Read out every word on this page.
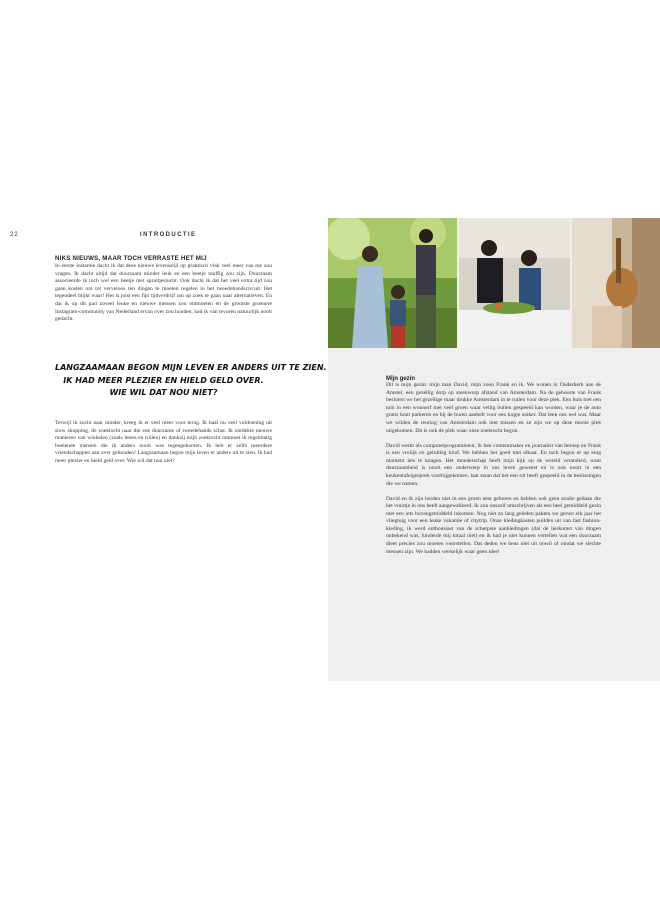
22	INTRODUCTIE

NIKS NIEUWS, MAAR TOCH VERRASTE HET MIJ

In eerste instantie dacht ik dat deze nieuwe levensstijl op praktisch vlak veel meer van me zou vragen. Ik dacht altijd dat duurzaam minder leuk en een beetje muffig zou zijn. Duurzaam associeerde ik toch wel een beetje met spruitjeslucht. Ook dacht ik dat het veel extra tijd zou gaan kosten om tot verveloos ten dingen te moeten regelen in het tweedehandscircuit. Het tegendeel blijkt waar! Het is juist een fijn tijdverdrijf om op zoek te gaan naar alternatieven. En dat ik op dit pad zoveel leuke en nieuwe mensen zou ontmoeten en de grootste groenere Instagram-community van Nederland ervan over zou houden, had ik van tevoren natuurlijk nooit gedacht.

LANGZAAMAAN BEGON MIJN LEVEN ER ANDERS UIT TE ZIEN.
IK HAD MEER PLEZIER EN HIELD GELD OVER.
WIE WIL DAT NOU NIET?

Terwijl ik zocht naar minder, kreeg ik er veel meer voor terug. Ik haal nu veel voldoening uit slow shopping, de zoektocht naar die ene duurzame of tweedehands schat. Ik ontdekte nieuwe manieren van winkelen (zoals lenen en ruilen) en dankzij mijn zoektocht ontmoet ik regelmatig boeiende mensen die ik anders nooit was tegengekomen. Ik heb er zelfs meerdere vriendschappen aan over gehouden! Langzaamaan begon mijn leven er anders uit te zien. Ik had meer plezier en hield geld over. Wie wil dat nou niet?

Mijn gezin

Dit is mijn gezin: mijn man David, mijn zoon Frank en ik. We wonen in Ouderkerk aan de Amstel, een gezellig dorp op steenworp afstand van Amsterdam. Na de geboorte van Frank besloten we het gezellige maar drukke Amsterdam in te ruilen voor deze plek. Een huis met een tuin in een woonerf met veel groen waar veilig buiten gespeeld kan worden, waar je de auto gratis kunt parkeren en bij de buren aanbelt voor een kopje suiker. Dat leek ons wel wat. Maar we wilden de reuring van Amsterdam ook niet missen en ze zijn we op deze mooie plek uitgekomen. Dit is ook de plek waar onze zoektocht begon.

David werkt als computerprogrammeur, ik ben contentmaker en journalist van beroep en Frank is een vrolijk en gelukkig kind. We hebben het goed met elkaar. En toch begon er op enig moment iets te knagen. Het moederschap heeft mijn kijk op de wereld veranderd, want duurzaamheid is nooit een onderwerp in ons leven geweest en is ook nooit in een keukentafelgesprek voorbijgekomen, laat staan dat het een rol heeft gespeeld in de beslissingen die we namen.

David en ik zijn beiden niet in een groen nest geboren en hebben ook geen studie gedaan die het vuurtje in ons heeft aangewakkerd. Ik zou onszelf omschrijven als een heel gemiddeld gezin met een iets bovengemiddeld inkomen. Nog niet zo lang geleden pakten we gerust elk jaar het vliegtuig voor een leuke vakantie of citytrip. Onze kledingkasten puilden uit van fast fashion-kleding, ik werd enthousiast van de scherpste aanbiedingen (dat de herkomst van dingen onbekend was, hinderde mij totaal niet) en ik had je niet kunnen vertellen wat een duurzaam dieet precies zou moeten voorstellen. Dat deden we heus niet uit onwil of omdat we slechte mensen zijn. We hadden werkelijk waar geen idee!
